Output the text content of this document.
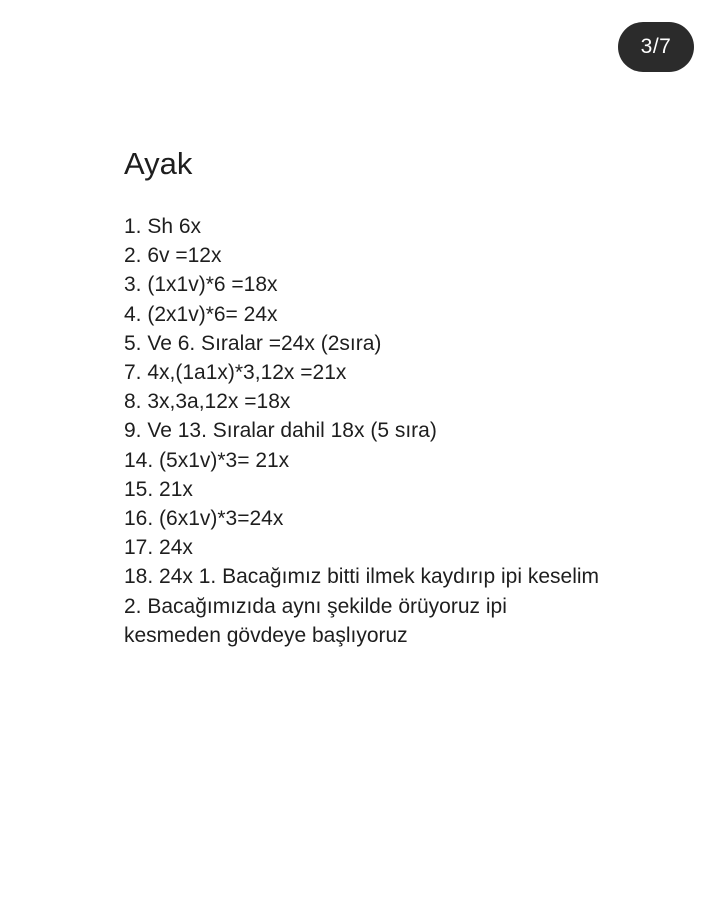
3/7
Ayak
1. Sh 6x
2. 6v =12x
3. (1x1v)*6 =18x
4. (2x1v)*6= 24x
5. Ve 6. Sıralar =24x (2sıra)
7. 4x,(1a1x)*3,12x =21x
8. 3x,3a,12x =18x
9. Ve 13. Sıralar dahil 18x (5 sıra)
14. (5x1v)*3= 21x
15. 21x
16. (6x1v)*3=24x
17. 24x
18. 24x 1. Bacağımız bitti ilmek kaydırıp ipi keselim 2. Bacağımızıda aynı şekilde örüyoruz ipi kesmeden gövdeye başlıyoruz
